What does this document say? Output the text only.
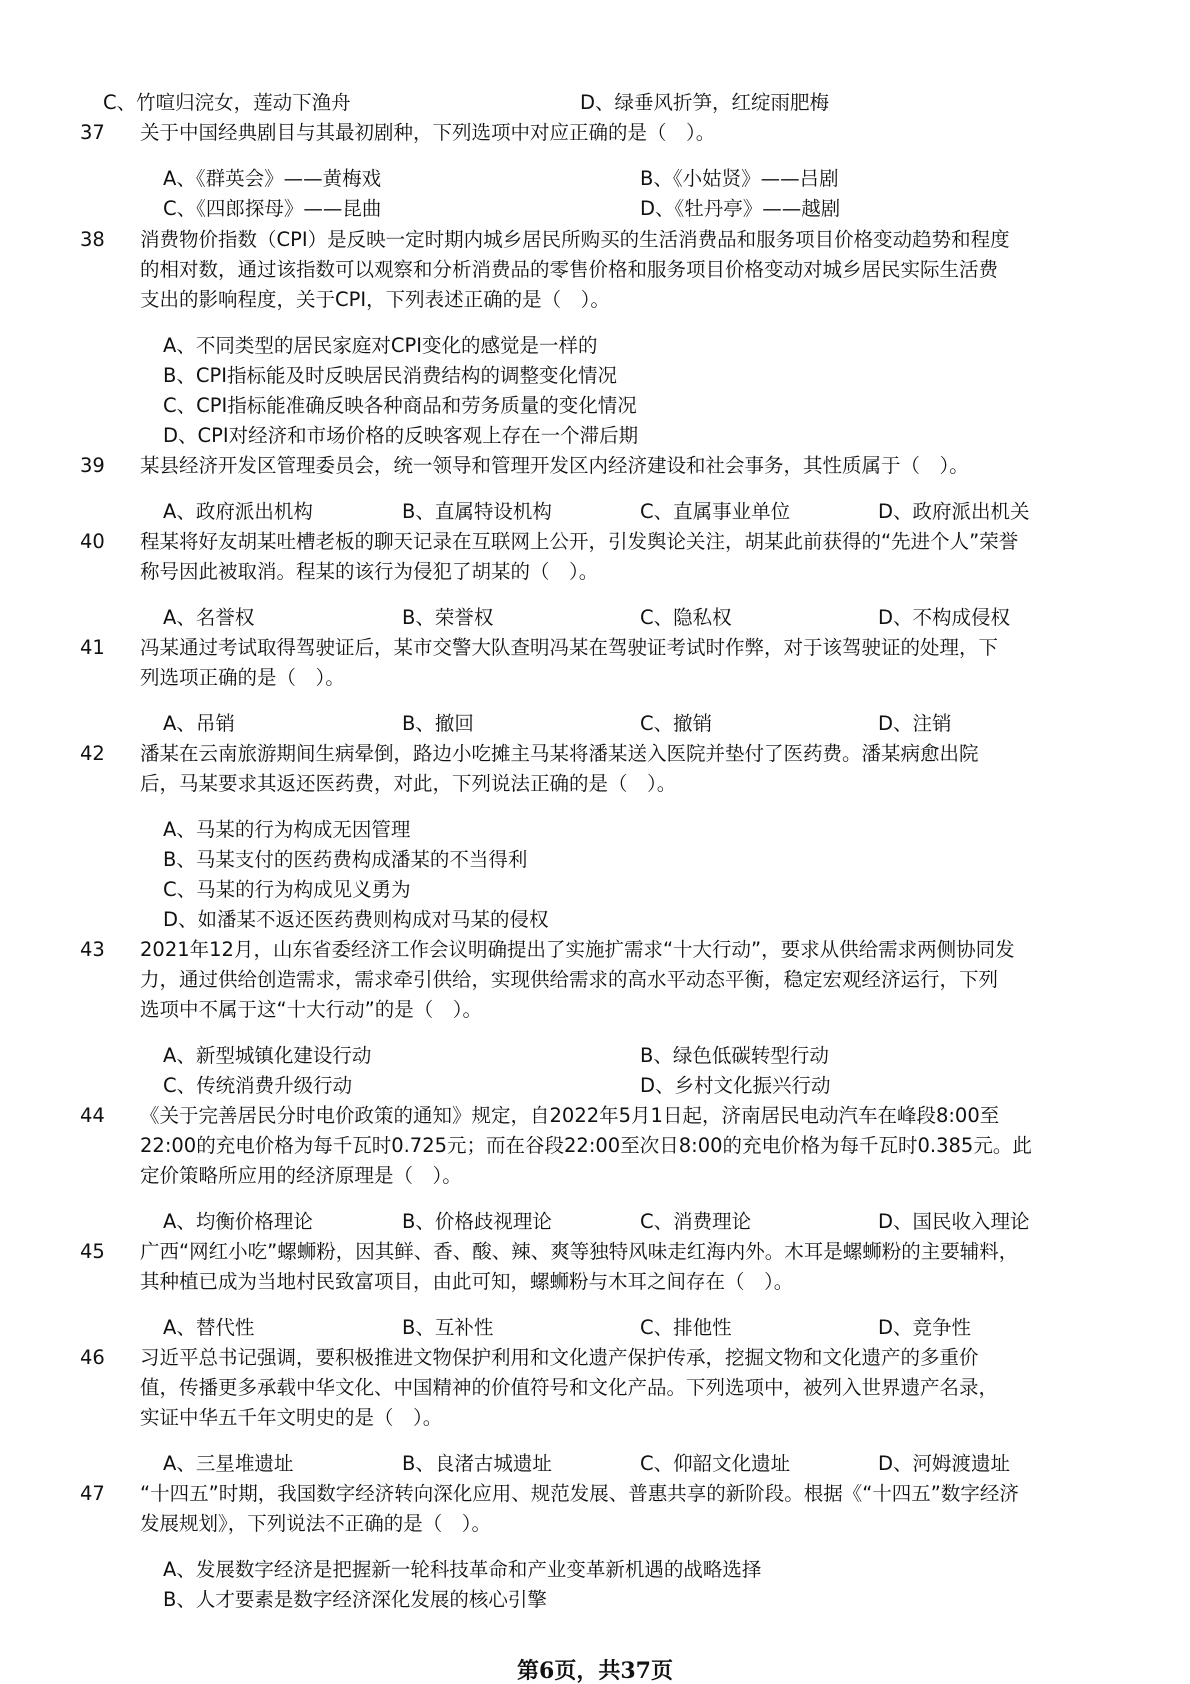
C、竹喧归浣女，莲动下渔舟	D、绿垂风折笋，红绽雨肥梅
37 关于中国经典剧目与其最初剧种，下列选项中对应正确的是（　）。
A、《群英会》——黄梅戏	B、《小姑贤》——吕剧
C、《四郎探母》——昆曲	D、《牡丹亭》——越剧
38 消费物价指数（CPI）是反映一定时期内城乡居民所购买的生活消费品和服务项目价格变动趋势和程度
的相对数，通过该指数可以观察和分析消费品的零售价格和服务项目价格变动对城乡居民实际生活费
支出的影响程度，关于CPI，下列表述正确的是（　）。
A、不同类型的居民家庭对CPI变化的感觉是一样的
B、CPI指标能及时反映居民消费结构的调整变化情况
C、CPI指标能准确反映各种商品和劳务质量的变化情况
D、CPI对经济和市场价格的反映客观上存在一个滞后期
39 某县经济开发区管理委员会，统一领导和管理开发区内经济建设和社会事务，其性质属于（　）。
A、政府派出机构	B、直属特设机构	C、直属事业单位	D、政府派出机关
40 程某将好友胡某吐槽老板的聊天记录在互联网上公开，引发舆论关注，胡某此前获得的“先进个人”荣誉
称号因此被取消。程某的该行为侵犯了胡某的（　）。
A、名誉权	B、荣誉权	C、隐私权	D、不构成侵权
41 冯某通过考试取得驾驶证后，某市交警大队查明冯某在驾驶证考试时作弊，对于该驾驶证的处理，下
列选项正确的是（　）。
A、吊销	B、撤回	C、撤销	D、注销
42 潘某在云南旅游期间生病晕倒，路边小吃摊主马某将潘某送入医院并垫付了医药费。潘某病愈出院
后，马某要求其返还医药费，对此，下列说法正确的是（　）。
A、马某的行为构成无因管理
B、马某支付的医药费构成潘某的不当得利
C、马某的行为构成见义勇为
D、如潘某不返还医药费则构成对马某的侵权
43 2021年12月，山东省委经济工作会议明确提出了实施扩需求“十大行动”，要求从供给需求两侧协同发
力，通过供给创造需求，需求牵引供给，实现供给需求的高水平动态平衡，稳定宏观经济运行，下列
选项中不属于这“十大行动”的是（　）。
A、新型城镇化建设行动	B、绿色低碳转型行动
C、传统消费升级行动	D、乡村文化振兴行动
44 《关于完善居民分时电价政策的通知》规定，自2022年5月1日起，济南居民电动汽车在峰段8:00至
22:00的充电价格为每千瓦时0.725元；而在谷段22:00至次日8:00的充电价格为每千瓦时0.385元。此
定价策略所应用的经济原理是（　）。
A、均衡价格理论	B、价格歧视理论	C、消费理论	D、国民收入理论
45 广西“网红小吃”螺蛳粉，因其鲜、香、酸、辣、爽等独特风味走红海内外。木耳是螺蛳粉的主要辅料，
其种植已成为当地村民致富项目，由此可知，螺蛳粉与木耳之间存在（　）。
A、替代性	B、互补性	C、排他性	D、竞争性
46 习近平总书记强调，要积极推进文物保护利用和文化遗产保护传承，挖掘文物和文化遗产的多重价
值，传播更多承载中华文化、中国精神的价值符号和文化产品。下列选项中，被列入世界遗产名录，
实证中华五千年文明史的是（　）。
A、三星堆遗址	B、良渚古城遗址	C、仰韶文化遗址	D、河姆渡遗址
47 “十四五”时期，我国数字经济转向深化应用、规范发展、普惠共享的新阶段。根据《“十四五”数字经济
发展规划》，下列说法不正确的是（　）。
A、发展数字经济是把握新一轮科技革命和产业变革新机遇的战略选择
B、人才要素是数字经济深化发展的核心引擎
第6页，共37页
